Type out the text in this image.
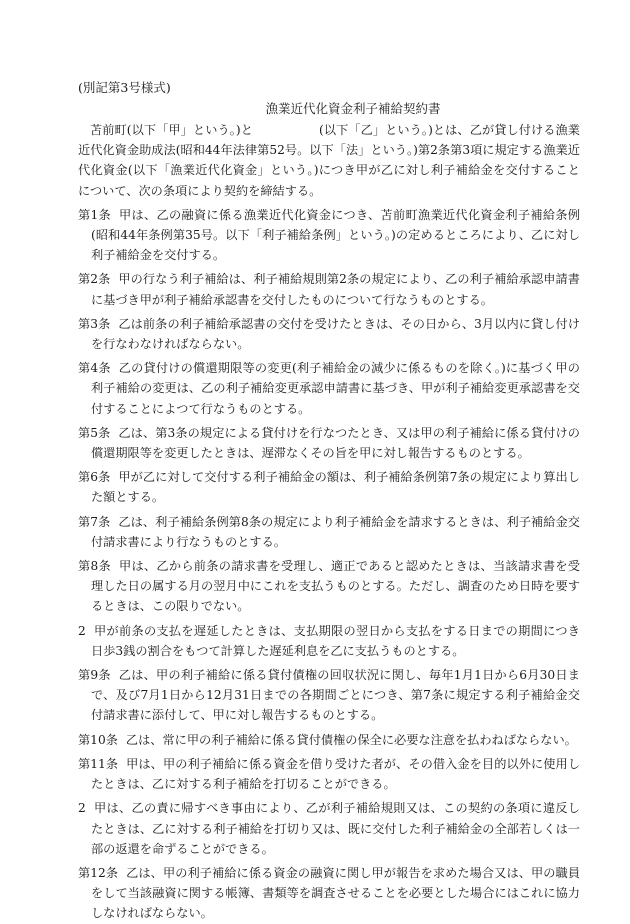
(別記第3号様式)
漁業近代化資金利子補給契約書

苫前町(以下「甲」という。)と	(以下「乙」という。)とは、乙が貸し付ける漁業近代化資金助成法(昭和44年法律第52号。以下「法」という。)第2条第3項に規定する漁業近代化資金(以下「漁業近代化資金」という。)につき甲が乙に対し利子補給金を交付することについて、次の条項により契約を締結する。

第1条 甲は、乙の融資に係る漁業近代化資金につき、苫前町漁業近代化資金利子補給条例(昭和44年条例第35号。以下「利子補給条例」という。)の定めるところにより、乙に対し利子補給金を交付する。

第2条 甲の行なう利子補給は、利子補給規則第2条の規定により、乙の利子補給承認申請書に基づき甲が利子補給承認書を交付したものについて行なうものとする。

第3条 乙は前条の利子補給承認書の交付を受けたときは、その日から、3月以内に貸し付けを行なわなければならない。

第4条 乙の貸付けの償還期限等の変更(利子補給金の減少に係るものを除く。)に基づく甲の利子補給の変更は、乙の利子補給変更承認申請書に基づき、甲が利子補給変更承認書を交付することによつて行なうものとする。

第5条 乙は、第3条の規定による貸付けを行なつたとき、又は甲の利子補給に係る貸付けの償還期限等を変更したときは、遅滞なくその旨を甲に対し報告するものとする。

第6条 甲が乙に対して交付する利子補給金の額は、利子補給条例第7条の規定により算出した額とする。

第7条 乙は、利子補給条例第8条の規定により利子補給金を請求するときは、利子補給金交付請求書により行なうものとする。

第8条 甲は、乙から前条の請求書を受理し、適正であると認めたときは、当該請求書を受理した日の属する月の翌月中にこれを支払うものとする。ただし、調査のため日時を要するときは、この限りでない。

2 甲が前条の支払を遅延したときは、支払期限の翌日から支払をする日までの期間につき日歩3銭の割合をもつて計算した遅延利息を乙に支払うものとする。

第9条 乙は、甲の利子補給に係る貸付債権の回収状況に関し、毎年1月1日から6月30日まで、及び7月1日から12月31日までの各期間ごとにつき、第7条に規定する利子補給金交付請求書に添付して、甲に対し報告するものとする。

第10条 乙は、常に甲の利子補給に係る貸付債権の保全に必要な注意を払わねばならない。

第11条 甲は、甲の利子補給に係る資金を借り受けた者が、その借入金を目的以外に使用したときは、乙に対する利子補給を打切ることができる。

2 甲は、乙の責に帰すべき事由により、乙が利子補給規則又は、この契約の条項に違反したときは、乙に対する利子補給を打切り又は、既に交付した利子補給金の全部若しくは一部の返還を命ずることができる。

第12条 乙は、甲の利子補給に係る資金の融資に関し甲が報告を求めた場合又は、甲の職員をして当該融資に関する帳簿、書類等を調査させることを必要とした場合にはこれに協力しなければならない。
